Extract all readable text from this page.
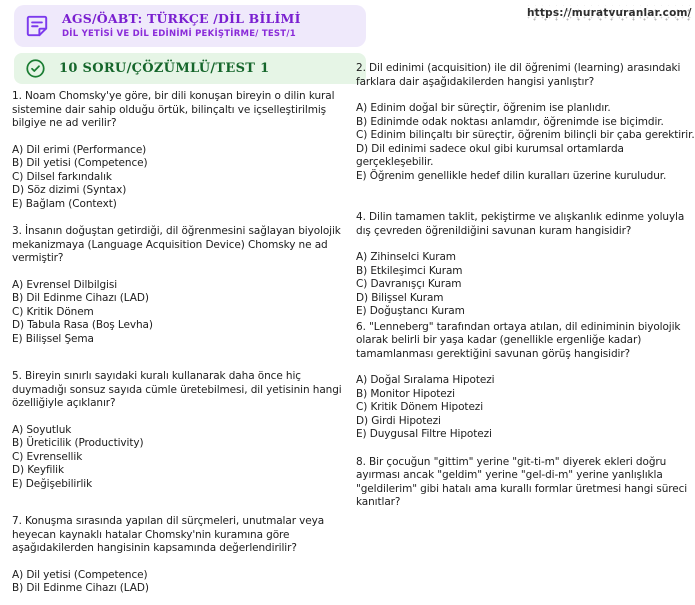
AGS/ÖABT: TÜRKÇE /DİL BİLİMİ
DİL YETİSİ VE DİL EDİNİMİ PEKİŞTİRME/ TEST/1
https://muratvuranlar.com/
10 SORU/ÇÖZÜMLÜ/TEST 1
1. Noam Chomsky'ye göre, bir dili konuşan bireyin o dilin kural sistemine dair sahip olduğu örtük, bilinçaltı ve içselleştirilmiş bilgiye ne ad verilir?
A) Dil erimi (Performance)
B) Dil yetisi (Competence)
C) Dilsel farkındalık
D) Söz dizimi (Syntax)
E) Bağlam (Context)
3. İnsanın doğuştan getirdiği, dil öğrenmesini sağlayan biyolojik mekanizmaya (Language Acquisition Device) Chomsky ne ad vermiştir?
A) Evrensel Dilbilgisi
B) Dil Edinme Cihazı (LAD)
C) Kritik Dönem
D) Tabula Rasa (Boş Levha)
E) Bilişsel Şema
5. Bireyin sınırlı sayıdaki kuralı kullanarak daha önce hiç duymadığı sonsuz sayıda cümle üretebilmesi, dil yetisinin hangi özelliğiyle açıklanır?
A) Soyutluk
B) Üreticilik (Productivity)
C) Evrensellik
D) Keyfilik
E) Değişebilirlik
7. Konuşma sırasında yapılan dil sürçmeleri, unutmalar veya heyecan kaynaklı hatalar Chomsky'nin kuramına göre aşağıdakilerden hangisinin kapsamında değerlendirilir?
A) Dil yetisi (Competence)
B) Dil Edinme Cihazı (LAD)
2. Dil edinimi (acquisition) ile dil öğrenimi (learning) arasındaki farklara dair aşağıdakilerden hangisi yanlıştır?
A) Edinim doğal bir süreçtir, öğrenim ise planlıdır.
B) Edinimde odak noktası anlamdır, öğrenimde ise biçimdir.
C) Edinim bilinçaltı bir süreçtir, öğrenim bilinçli bir çaba gerektirir.
D) Dil edinimi sadece okul gibi kurumsal ortamlarda gerçekleşebilir.
E) Öğrenim genellikle hedef dilin kuralları üzerine kuruludur.
4. Dilin tamamen taklit, pekiştirme ve alışkanlık edinme yoluyla dış çevreden öğrenildiğini savunan kuram hangisidir?
A) Zihinselci Kuram
B) Etkileşimci Kuram
C) Davranışçı Kuram
D) Bilişsel Kuram
E) Doğuştancı Kuram
6. "Lenneberg" tarafından ortaya atılan, dil ediniminin biyolojik olarak belirli bir yaşa kadar (genellikle ergenliğe kadar) tamamlanması gerektiğini savunan görüş hangisidir?
A) Doğal Sıralama Hipotezi
B) Monitor Hipotezi
C) Kritik Dönem Hipotezi
D) Girdi Hipotezi
E) Duygusal Filtre Hipotezi
8. Bir çocuğun "gittim" yerine "git-ti-m" diyerek ekleri doğru ayırması ancak "geldim" yerine "gel-di-m" yerine yanlışlıkla "geldilerim" gibi hatalı ama kurallı formlar üretmesi hangi süreci kanıtlar?
